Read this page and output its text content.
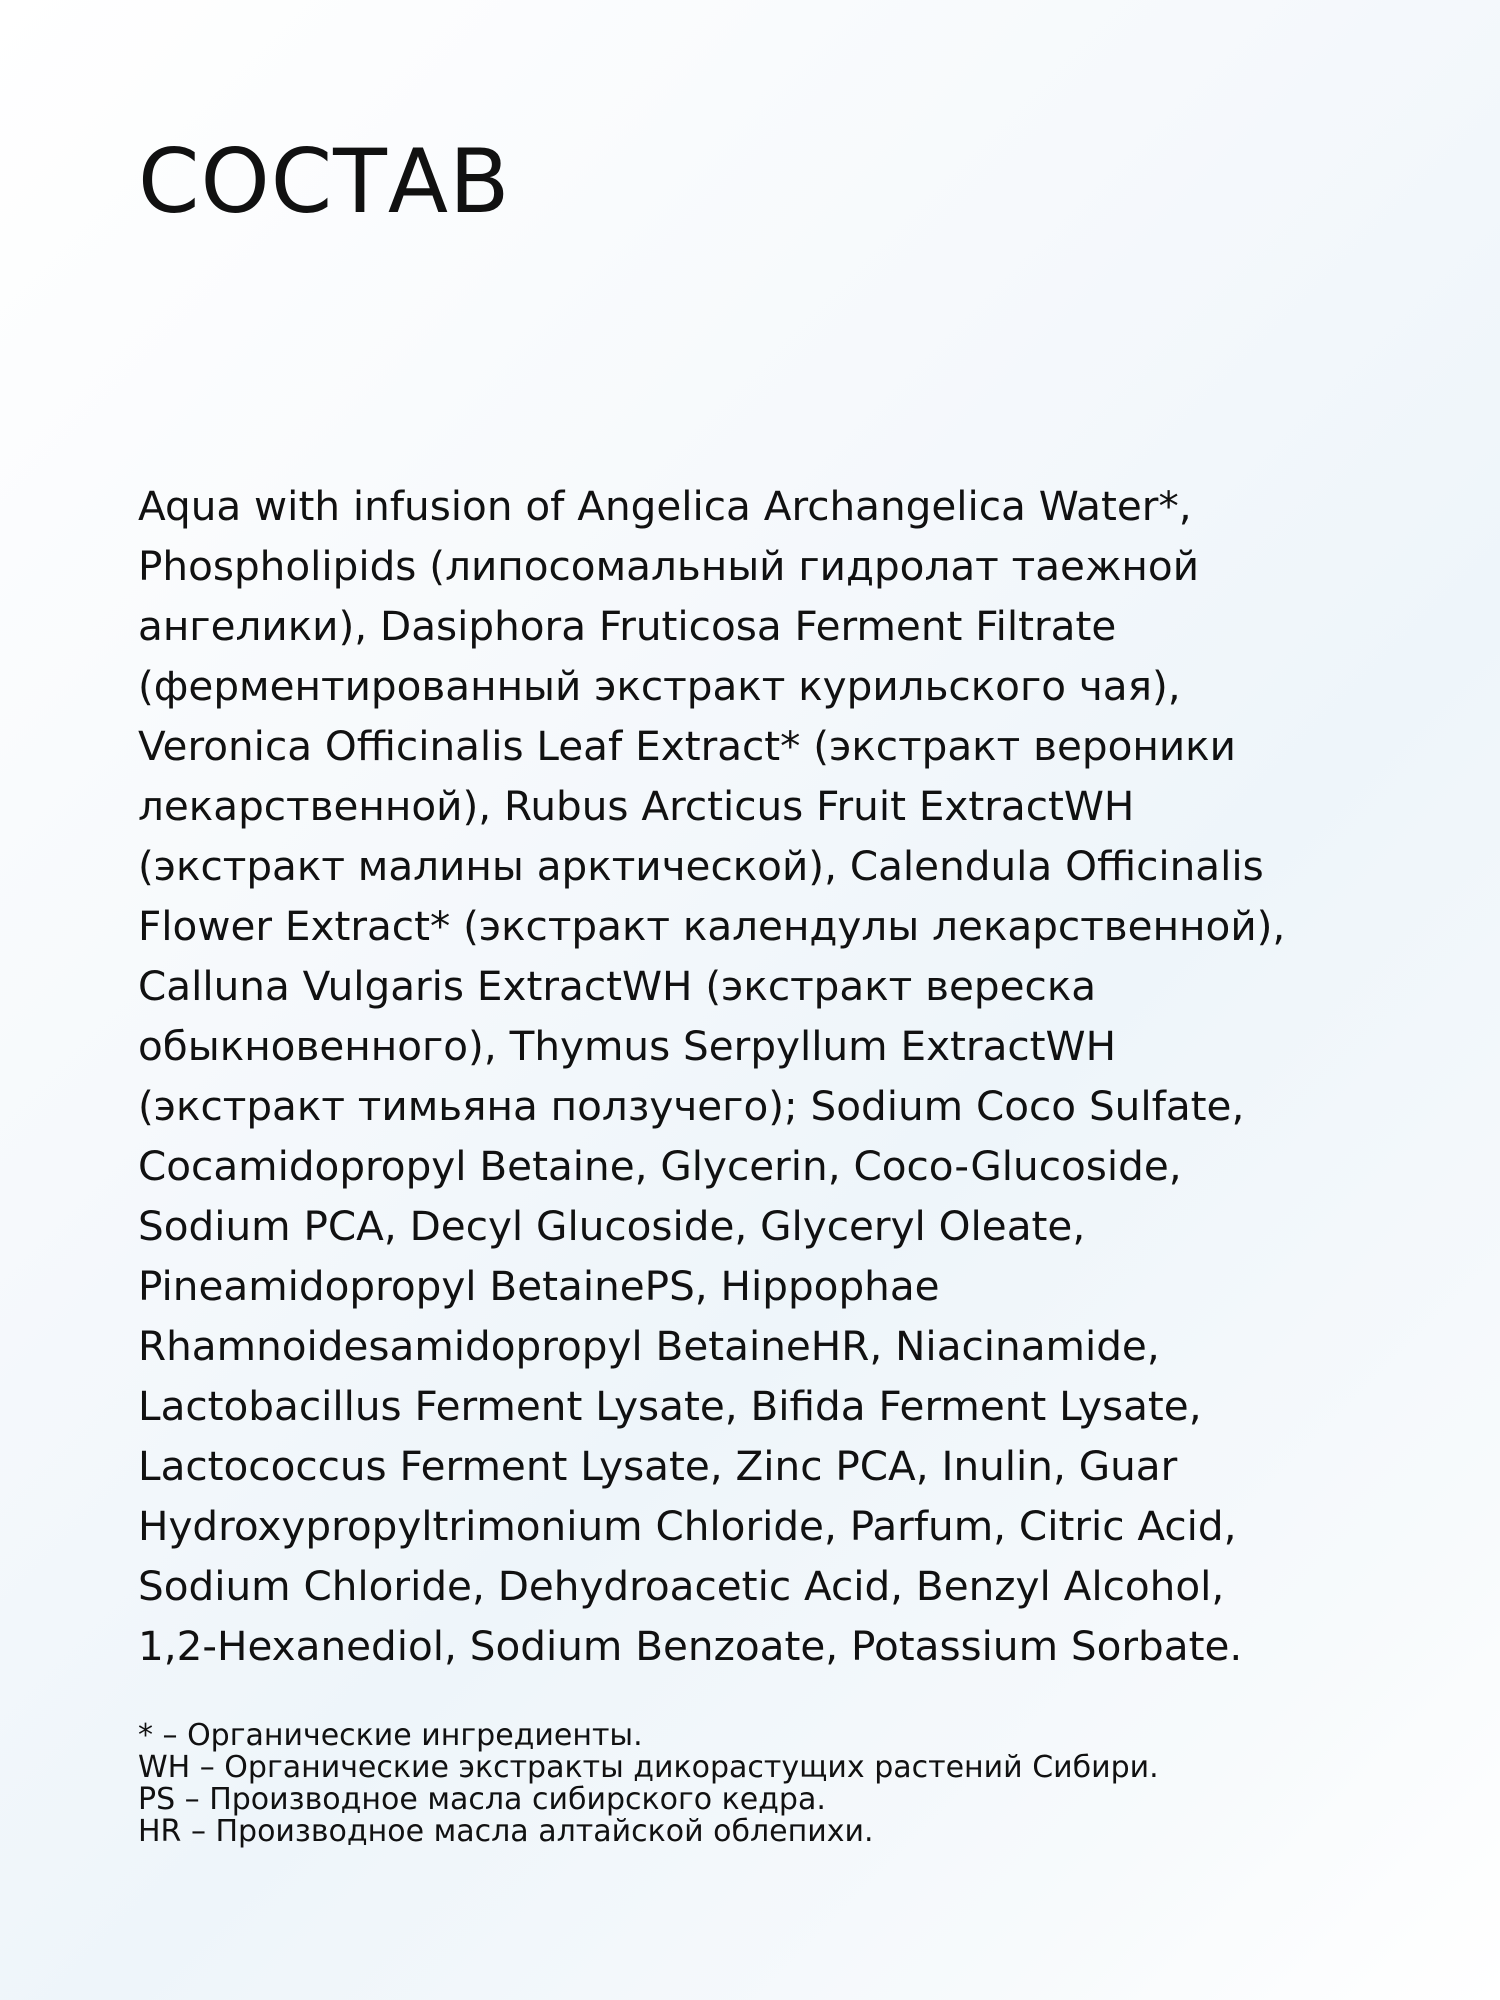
СОСТАВ
Aqua with infusion of Angelica Archangelica Water*,
Phospholipids (липосомальный гидролат таежной
ангелики), Dasiphora Fruticosa Ferment Filtrate
(ферментированный экстракт курильского чая),
Veronica Officinalis Leaf Extract* (экстракт вероники
лекарственной), Rubus Arcticus Fruit ExtractWH
(экстракт малины арктической), Calendula Officinalis
Flower Extract* (экстракт календулы лекарственной),
Calluna Vulgaris ExtractWH (экстракт вереска
обыкновенного), Thymus Serpyllum ExtractWH
(экстракт тимьяна ползучего); Sodium Coco Sulfate,
Cocamidopropyl Betaine, Glycerin, Coco-Glucoside,
Sodium PCA, Decyl Glucoside, Glyceryl Oleate,
Pineamidopropyl BetainePS, Hippophae
Rhamnoidesamidopropyl BetaineHR, Niacinamide,
Lactobacillus Ferment Lysate, Bifida Ferment Lysate,
Lactococcus Ferment Lysate, Zinc PCA, Inulin, Guar
Hydroxypropyltrimonium Chloride, Parfum, Citric Acid,
Sodium Chloride, Dehydroacetic Acid, Benzyl Alcohol,
1,2-Hexanediol, Sodium Benzoate, Potassium Sorbate.
* – Органические ингредиенты.
WH – Органические экстракты дикорастущих растений Сибири.
PS – Производное масла сибирского кедра.
HR – Производное масла алтайской облепихи.
